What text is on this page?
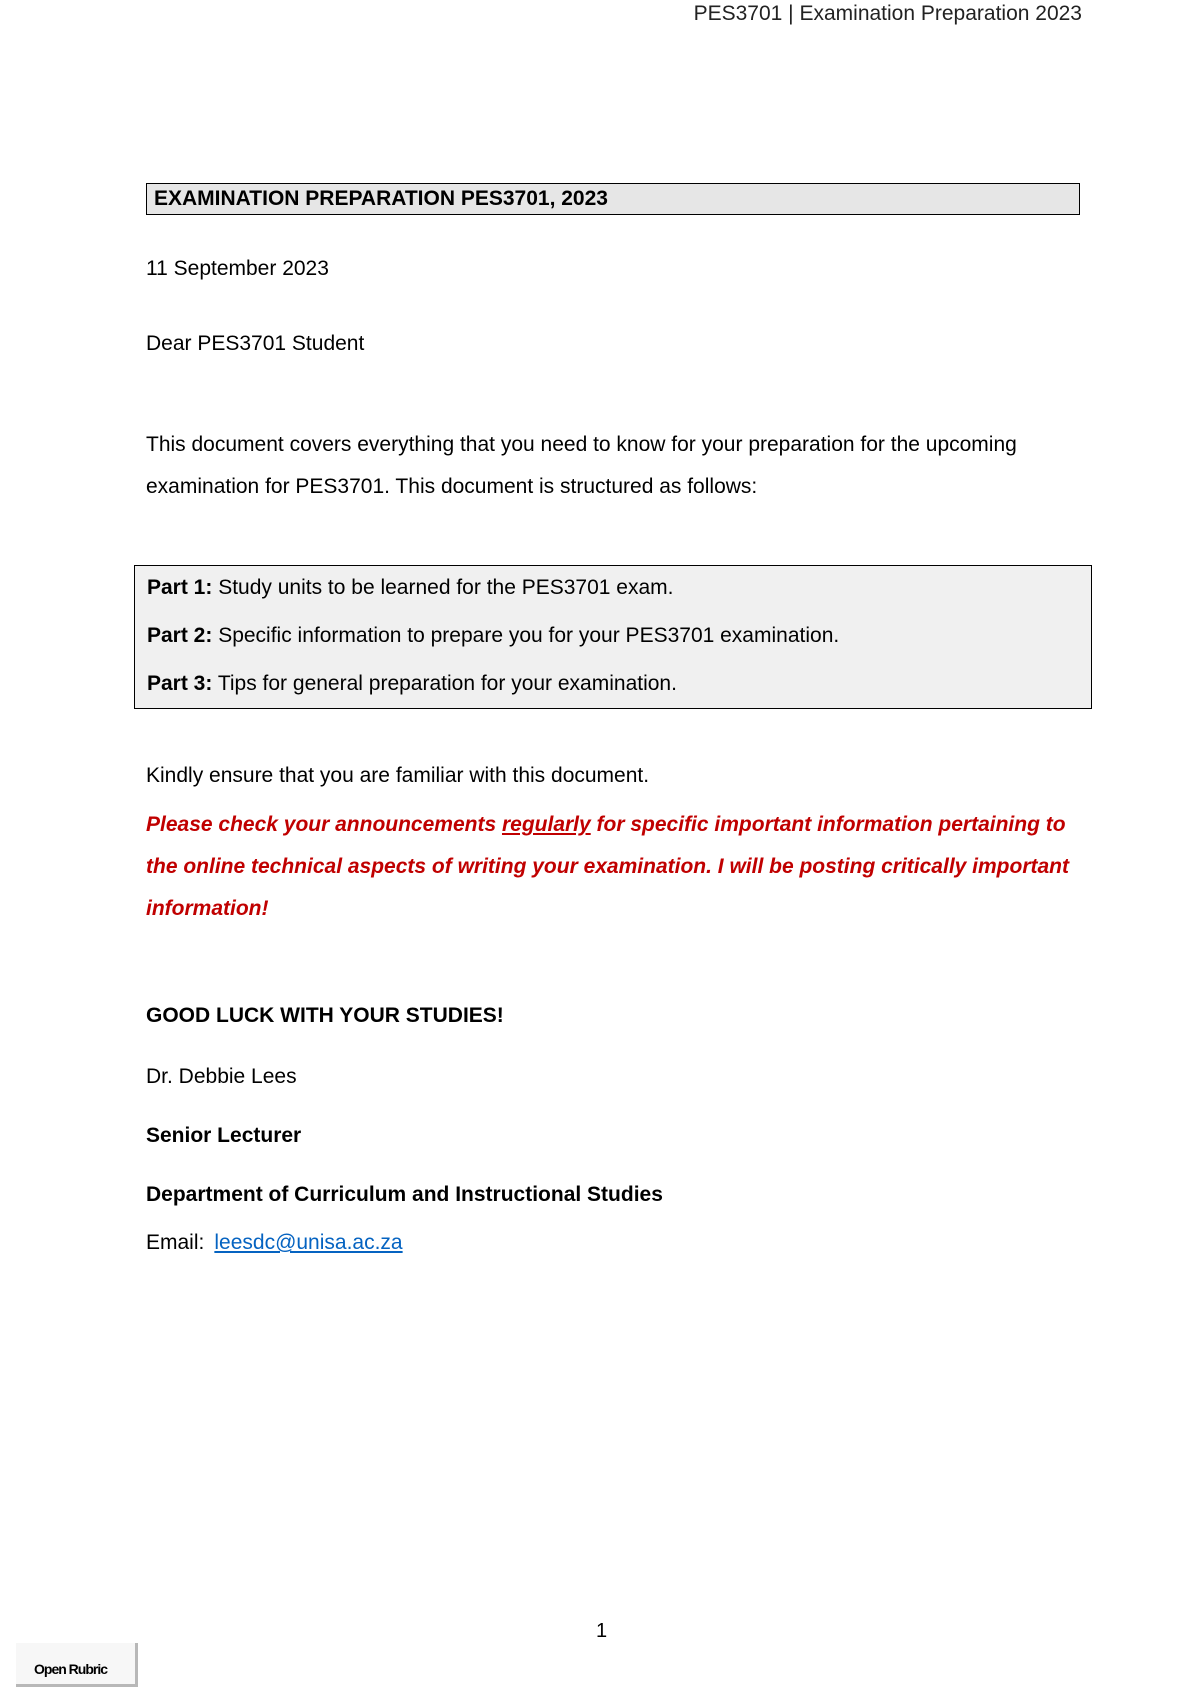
PES3701 | Examination Preparation 2023
EXAMINATION PREPARATION PES3701, 2023
11 September 2023
Dear PES3701 Student
This document covers everything that you need to know for your preparation for the upcoming examination for PES3701. This document is structured as follows:
Part 1: Study units to be learned for the PES3701 exam.
Part 2: Specific information to prepare you for your PES3701 examination.
Part 3: Tips for general preparation for your examination.
Kindly ensure that you are familiar with this document.
Please check your announcements regularly for specific important information pertaining to the online technical aspects of writing your examination. I will be posting critically important information!
GOOD LUCK WITH YOUR STUDIES!
Dr. Debbie Lees
Senior Lecturer
Department of Curriculum and Instructional Studies
Email: leesdc@unisa.ac.za
1
Open Rubric
